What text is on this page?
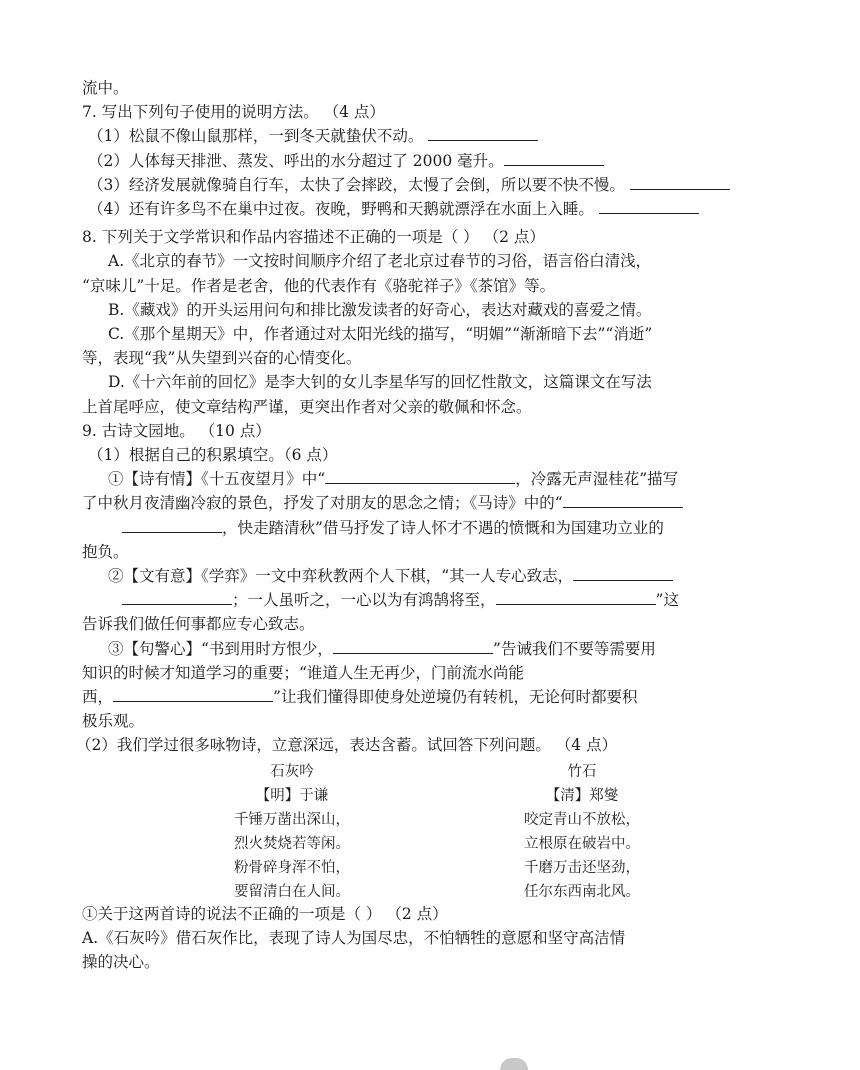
流中。
7. 写出下列句子使用的说明方法。 （4 点）
（1）松鼠不像山鼠那样，一到冬天就蛰伏不动。
（2）人体每天排泄、蒸发、呼出的水分超过了 2000 毫升。
（3）经济发展就像骑自行车，太快了会摔跤，太慢了会倒，所以要不快不慢。
（4）还有许多鸟不在巢中过夜。夜晚，野鸭和天鹅就漂浮在水面上入睡。
8. 下列关于文学常识和作品内容描述不正确的一项是（ ） （2 点）
A.《北京的春节》一文按时间顺序介绍了老北京过春节的习俗，语言俗白清浅，
“京味儿”十足。作者是老舍，他的代表作有《骆驼祥子》《茶馆》等。
B.《藏戏》的开头运用问句和排比激发读者的好奇心，表达对藏戏的喜爱之情。
C.《那个星期天》中，作者通过对太阳光线的描写，“明媚”“渐渐暗下去”“消逝”
等，表现“我”从失望到兴奋的心情变化。
D.《十六年前的回忆》是李大钊的女儿李星华写的回忆性散文，这篇课文在写法
上首尾呼应，使文章结构严谨，更突出作者对父亲的敬佩和怀念。
9. 古诗文园地。 （10 点）
（1）根据自己的积累填空。（6 点）
①【诗有情】《十五夜望月》中“	，冷露无声湿桂花”描写
了中秋月夜清幽冷寂的景色，抒发了对朋友的思念之情；《马诗》中的“
，快走踏清秋”借马抒发了诗人怀才不遇的愤慨和为国建功立业的
抱负。
②【文有意】《学弈》一文中弈秋教两个人下棋，“其一人专心致志，
；一人虽听之，一心以为有鸿鹄将至，	”这
告诉我们做任何事都应专心致志。
③【句警心】“书到用时方恨少，	”告诫我们不要等需要用
知识的时候才知道学习的重要；“谁道人生无再少，门前流水尚能
西，	”让我们懂得即使身处逆境仍有转机，无论何时都要积
极乐观。
（2）我们学过很多咏物诗，立意深远，表达含蓄。试回答下列问题。 （4 点）
石灰吟
【明】于谦
千锤万凿出深山，
烈火焚烧若等闲。
粉骨碎身浑不怕，
要留清白在人间。
竹石
【清】郑燮
咬定青山不放松，
立根原在破岩中。
千磨万击还坚劲，
任尔东西南北风。
①关于这两首诗的说法不正确的一项是（ ） （2 点）
A.《石灰吟》借石灰作比，表现了诗人为国尽忠，不怕牺牲的意愿和坚守高洁情
操的决心。
